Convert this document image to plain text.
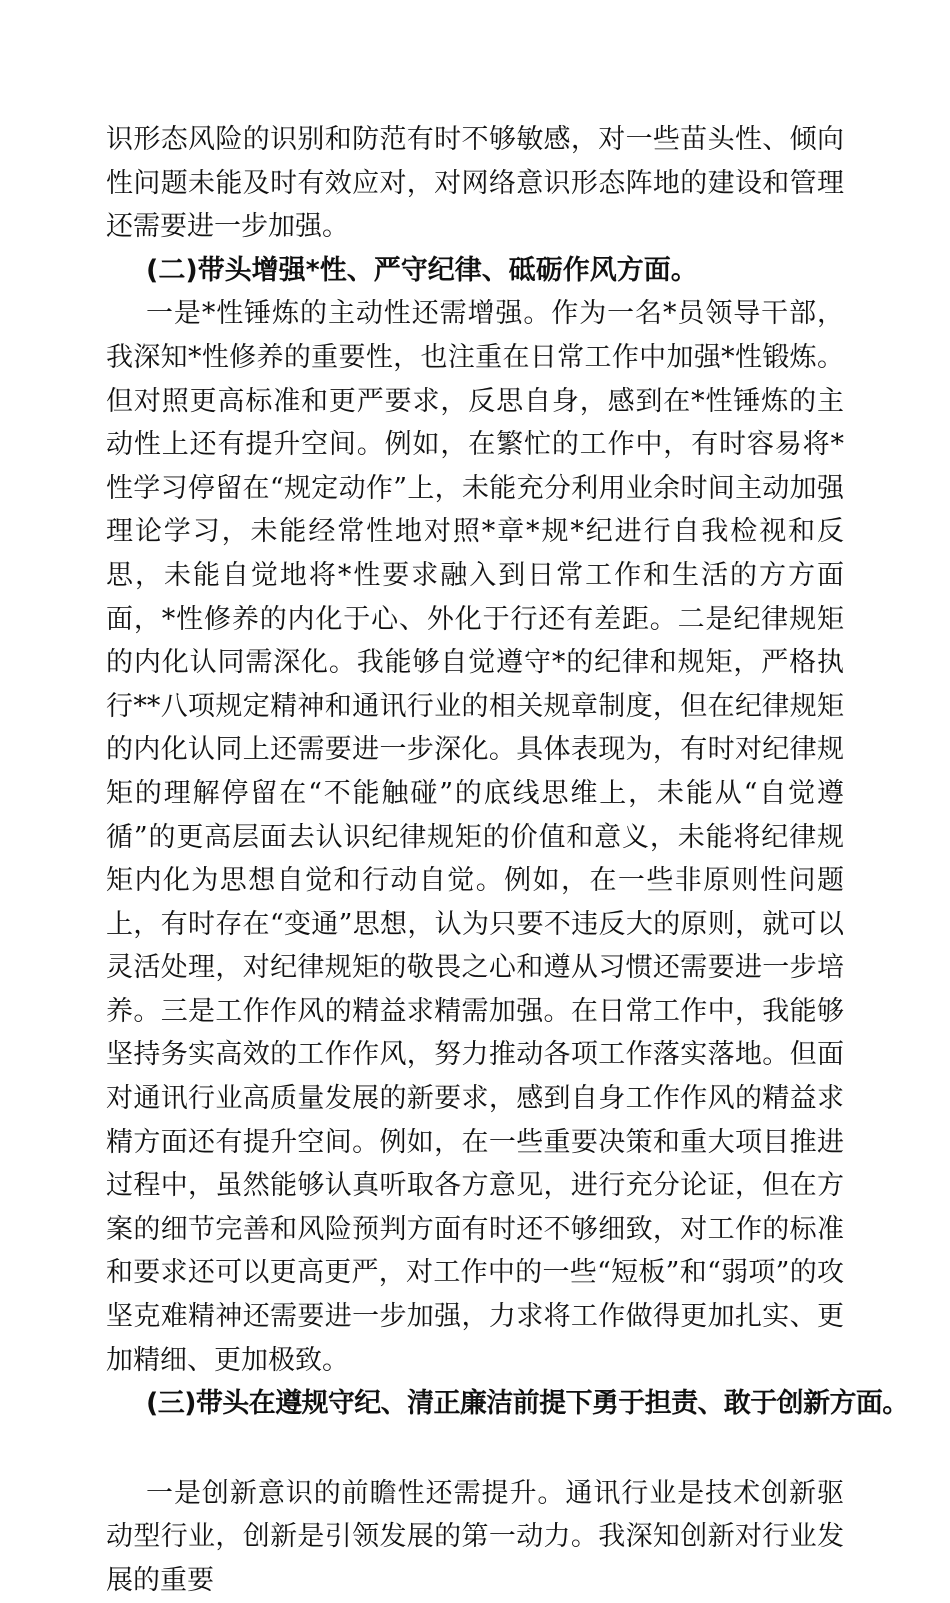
识形态风险的识别和防范有时不够敏感，对一些苗头性、倾向性问题未能及时有效应对，对网络意识形态阵地的建设和管理还需要进一步加强。

(二)带头增强*性、严守纪律、砥砺作风方面。

一是*性锤炼的主动性还需增强。作为一名*员领导干部，我深知*性修养的重要性，也注重在日常工作中加强*性锻炼。但对照更高标准和更严要求，反思自身，感到在*性锤炼的主动性上还有提升空间。例如，在繁忙的工作中，有时容易将*性学习停留在“规定动作”上，未能充分利用业余时间主动加强理论学习，未能经常性地对照*章*规*纪进行自我检视和反思，未能自觉地将*性要求融入到日常工作和生活的方方面面，*性修养的内化于心、外化于行还有差距。二是纪律规矩的内化认同需深化。我能够自觉遵守*的纪律和规矩，严格执行**八项规定精神和通讯行业的相关规章制度，但在纪律规矩的内化认同上还需要进一步深化。具体表现为，有时对纪律规矩的理解停留在“不能触碰”的底线思维上，未能从“自觉遵循”的更高层面去认识纪律规矩的价值和意义，未能将纪律规矩内化为思想自觉和行动自觉。例如，在一些非原则性问题上，有时存在“变通”思想，认为只要不违反大的原则，就可以灵活处理，对纪律规矩的敬畏之心和遵从习惯还需要进一步培养。三是工作作风的精益求精需加强。在日常工作中，我能够坚持务实高效的工作作风，努力推动各项工作落实落地。但面对通讯行业高质量发展的新要求，感到自身工作作风的精益求精方面还有提升空间。例如，在一些重要决策和重大项目推进过程中，虽然能够认真听取各方意见，进行充分论证，但在方案的细节完善和风险预判方面有时还不够细致，对工作的标准和要求还可以更高更严，对工作中的一些“短板”和“弱项”的攻坚克难精神还需要进一步加强，力求将工作做得更加扎实、更加精细、更加极致。

(三)带头在遵规守纪、清正廉洁前提下勇于担责、敢于创新方面。

一是创新意识的前瞻性还需提升。通讯行业是技术创新驱动型行业，创新是引领发展的第一动力。我深知创新对行业发展的重要
